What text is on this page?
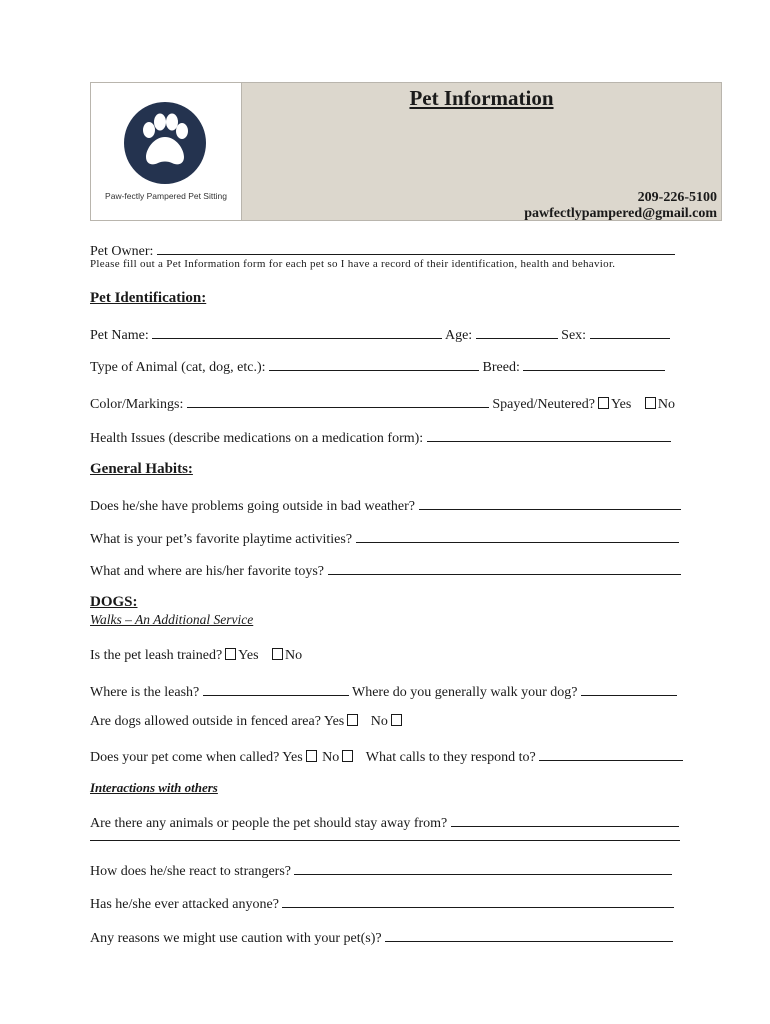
Paw-fectly Pampered Pet Sitting
Pet Information
209-226-5100
pawfectlypampered@gmail.com
Pet Owner:
Please fill out a Pet Information form for each pet so I have a record of their identification, health and behavior.
Pet Identification:
Pet Name:	Age:	Sex:
Type of Animal (cat, dog, etc.):	Breed:
Color/Markings:	Spayed/Neutered? Yes No
Health Issues (describe medications on a medication form):
General Habits:
Does he/she have problems going outside in bad weather?
What is your pet’s favorite playtime activities?
What and where are his/her favorite toys?
DOGS:
Walks – An Additional Service
Is the pet leash trained? Yes No
Where is the leash?	Where do you generally walk your dog?
Are dogs allowed outside in fenced area? Yes No
Does your pet come when called? Yes No What calls to they respond to?
Interactions with others
Are there any animals or people the pet should stay away from?
How does he/she react to strangers?
Has he/she ever attacked anyone?
Any reasons we might use caution with your pet(s)?
